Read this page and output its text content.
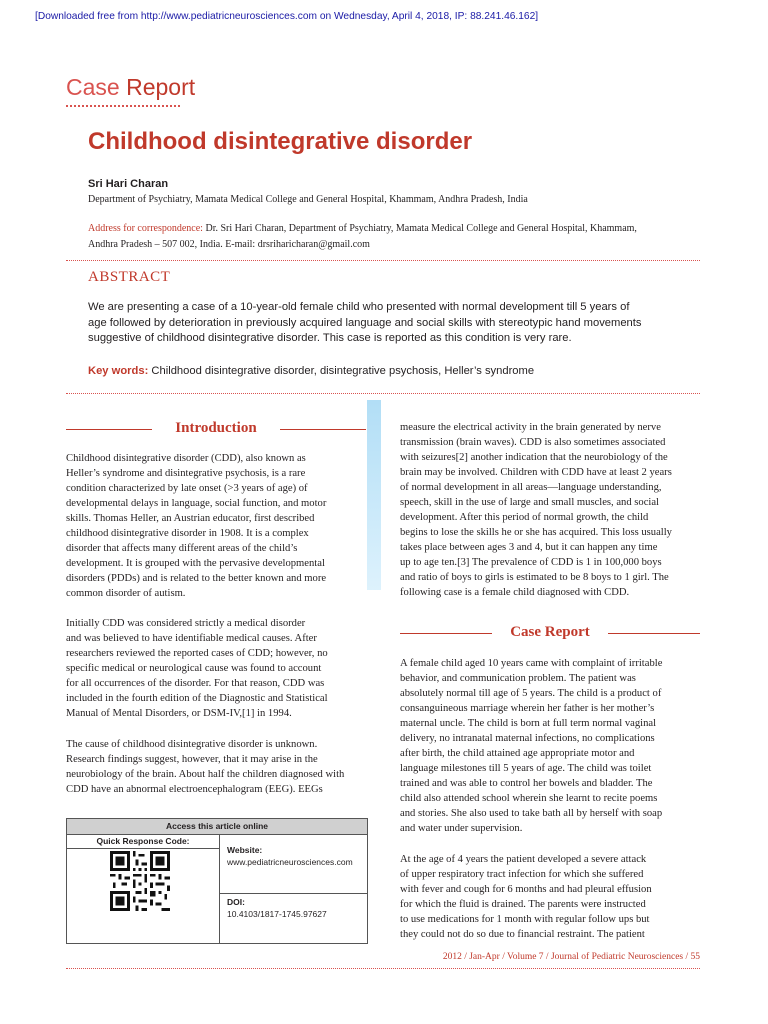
[Downloaded free from http://www.pediatricneurosciences.com on Wednesday, April 4, 2018, IP: 88.241.46.162]
Case Report
Childhood disintegrative disorder
Sri Hari Charan
Department of Psychiatry, Mamata Medical College and General Hospital, Khammam, Andhra Pradesh, India
Address for correspondence: Dr. Sri Hari Charan, Department of Psychiatry, Mamata Medical College and General Hospital, Khammam,
Andhra Pradesh – 507 002, India. E-mail: drsriharicharan@gmail.com
ABSTRACT
We are presenting a case of a 10-year-old female child who presented with normal development till 5 years of
age followed by deterioration in previously acquired language and social skills with stereotypic hand movements
suggestive of childhood disintegrative disorder. This case is reported as this condition is very rare.
Key words: Childhood disintegrative disorder, disintegrative psychosis, Heller’s syndrome
Introduction
Childhood disintegrative disorder (CDD), also known as
Heller’s syndrome and disintegrative psychosis, is a rare
condition characterized by late onset (>3 years of age) of
developmental delays in language, social function, and motor
skills. Thomas Heller, an Austrian educator, first described
childhood disintegrative disorder in 1908. It is a complex
disorder that affects many different areas of the child’s
development. It is grouped with the pervasive developmental
disorders (PDDs) and is related to the better known and more
common disorder of autism.
Initially CDD was considered strictly a medical disorder
and was believed to have identifiable medical causes. After
researchers reviewed the reported cases of CDD; however, no
specific medical or neurological cause was found to account
for all occurrences of the disorder. For that reason, CDD was
included in the fourth edition of the Diagnostic and Statistical
Manual of Mental Disorders, or DSM-IV,[1] in 1994.
The cause of childhood disintegrative disorder is unknown.
Research findings suggest, however, that it may arise in the
neurobiology of the brain. About half the children diagnosed with
CDD have an abnormal electroencephalogram (EEG). EEGs
Access this article online
Quick Response Code:
Website:
www.pediatricneurosciences.com
DOI:
10.4103/1817-1745.97627
measure the electrical activity in the brain generated by nerve
transmission (brain waves). CDD is also sometimes associated
with seizures[2] another indication that the neurobiology of the
brain may be involved. Children with CDD have at least 2 years
of normal development in all areas—language understanding,
speech, skill in the use of large and small muscles, and social
development. After this period of normal growth, the child
begins to lose the skills he or she has acquired. This loss usually
takes place between ages 3 and 4, but it can happen any time
up to age ten.[3] The prevalence of CDD is 1 in 100,000 boys
and ratio of boys to girls is estimated to be 8 boys to 1 girl. The
following case is a female child diagnosed with CDD.
Case Report
A female child aged 10 years came with complaint of irritable
behavior, and communication problem. The patient was
absolutely normal till age of 5 years. The child is a product of
consanguineous marriage wherein her father is her mother’s
maternal uncle. The child is born at full term normal vaginal
delivery, no intranatal maternal infections, no complications
after birth, the child attained age appropriate motor and
language milestones till 5 years of age. The child was toilet
trained and was able to control her bowels and bladder. The
child also attended school wherein she learnt to recite poems
and stories. She also used to take bath all by herself with soap
and water under supervision.
At the age of 4 years the patient developed a severe attack
of upper respiratory tract infection for which she suffered
with fever and cough for 6 months and had pleural effusion
for which the fluid is drained. The parents were instructed
to use medications for 1 month with regular follow ups but
they could not do so due to financial restraint. The patient
2012 / Jan-Apr / Volume 7 / Journal of Pediatric Neurosciences / 55
